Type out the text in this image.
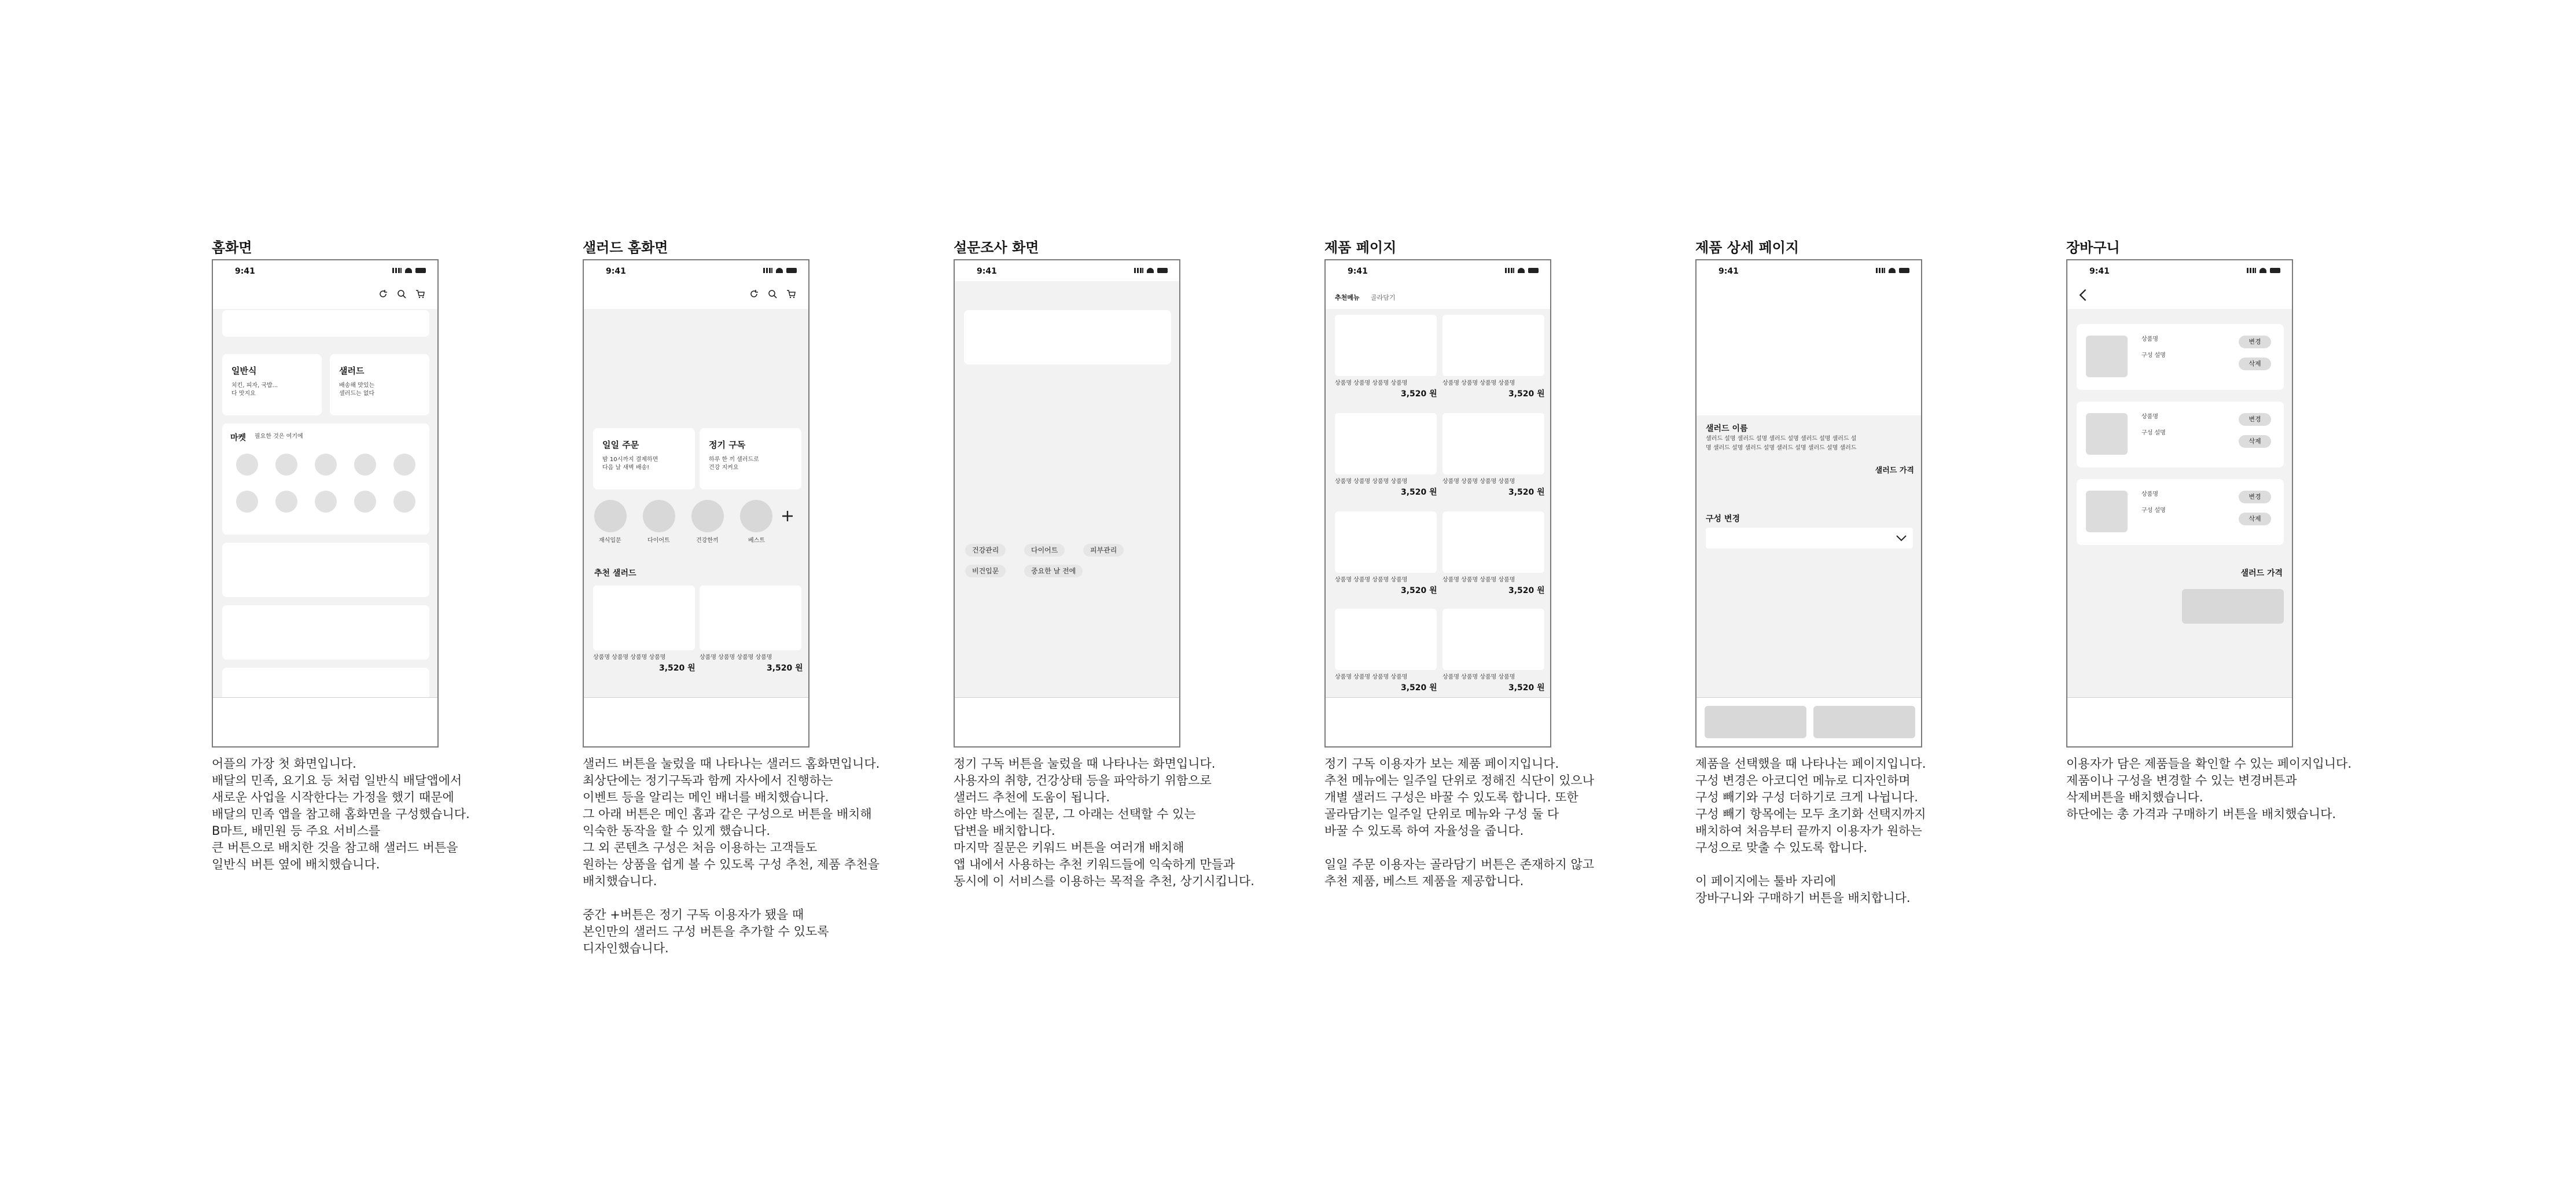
홈화면
9:41
일반식
치킨, 피자, 국밥...
다 맛지요
샐러드
배송해 맛있는
샐러드는 없다
마켓 필요한 것은 여기에
어플의 가장 첫 화면입니다.
배달의 민족, 요기요 등 처럼 일반식 배달앱에서
새로운 사업을 시작한다는 가정을 했기 때문에
배달의 민족 앱을 참고해 홈화면을 구성했습니다.
B마트, 배민원 등 주요 서비스를
큰 버튼으로 배치한 것을 참고해 샐러드 버튼을
일반식 버튼 옆에 배치했습니다.
샐러드 홈화면
9:41
일일 주문
밤 10시까지 결제하면
다음 날 새벽 배송!
정기 구독
하루 한 끼 샐러드로
건강 지켜요
재식입문	다이어트	건강한끼	베스트
추천 샐러드
상품명 상품명 상품명 상품명
3,520 원
상품명 상품명 상품명 상품명
3,520 원
샐러드 버튼을 눌렀을 때 나타나는 샐러드 홈화면입니다.
최상단에는 정기구독과 함께 자사에서 진행하는
이벤트 등을 알리는 메인 배너를 배치했습니다.
그 아래 버튼은 메인 홈과 같은 구성으로 버튼을 배치해
익숙한 동작을 할 수 있게 했습니다.
그 외 콘텐츠 구성은 처음 이용하는 고객들도
원하는 상품을 쉽게 볼 수 있도록 구성 추천, 제품 추천을
배치했습니다.

중간 +버튼은 정기 구독 이용자가 됐을 때
본인만의 샐러드 구성 버튼을 추가할 수 있도록
디자인했습니다.
설문조사 화면
9:41
건강관리	다이어트	피부관리
비건입문	중요한 날 전에
정기 구독 버튼을 눌렀을 때 나타나는 화면입니다.
사용자의 취향, 건강상태 등을 파악하기 위함으로
샐러드 추천에 도움이 됩니다.
하얀 박스에는 질문, 그 아래는 선택할 수 있는
답변을 배치합니다.
마지막 질문은 키워드 버튼을 여러개 배치해
앱 내에서 사용하는 추천 키워드들에 익숙하게 만들과
동시에 이 서비스를 이용하는 목적을 추천, 상기시킵니다.
제품 페이지
9:41
추천메뉴 골라담기
상품명 상품명 상품명 상품명
3,520 원
상품명 상품명 상품명 상품명
3,520 원
상품명 상품명 상품명 상품명
3,520 원
상품명 상품명 상품명 상품명
3,520 원
상품명 상품명 상품명 상품명
3,520 원
상품명 상품명 상품명 상품명
3,520 원
상품명 상품명 상품명 상품명
3,520 원
상품명 상품명 상품명 상품명
3,520 원
정기 구독 이용자가 보는 제품 페이지입니다.
추천 메뉴에는 일주일 단위로 정해진 식단이 있으나
개별 샐러드 구성은 바꿀 수 있도록 합니다. 또한
골라담기는 일주일 단위로 메뉴와 구성 둘 다
바꿀 수 있도록 하여 자율성을 줍니다.

일일 주문 이용자는 골라담기 버튼은 존재하지 않고
추천 제품, 베스트 제품을 제공합니다.
제품 상세 페이지
9:41
샐러드 이름
샐러드 설명 샐러드 설명 샐러드 설명 샐러드 설명 샐러드 설
명 샐러드 설명 샐러드 설명 샐러드 설명 샐러드 설명 샐러드
샐러드 가격
구성 변경
제품을 선택했을 때 나타나는 페이지입니다.
구성 변경은 아코디언 메뉴로 디자인하며
구성 빼기와 구성 더하기로 크게 나뉩니다.
구성 빼기 항목에는 모두 초기화 선택지까지
배치하여 처음부터 끝까지 이용자가 원하는
구성으로 맞출 수 있도록 합니다.

이 페이지에는 툴바 자리에
장바구니와 구매하기 버튼을 배치합니다.
장바구니
9:41
상품명
구성 설명
변경
삭제
상품명
구성 설명
변경
삭제
상품명
구성 설명
변경
삭제
샐러드 가격
이용자가 담은 제품들을 확인할 수 있는 페이지입니다.
제품이나 구성을 변경할 수 있는 변경버튼과
삭제버튼을 배치했습니다.
하단에는 총 가격과 구매하기 버튼을 배치했습니다.
